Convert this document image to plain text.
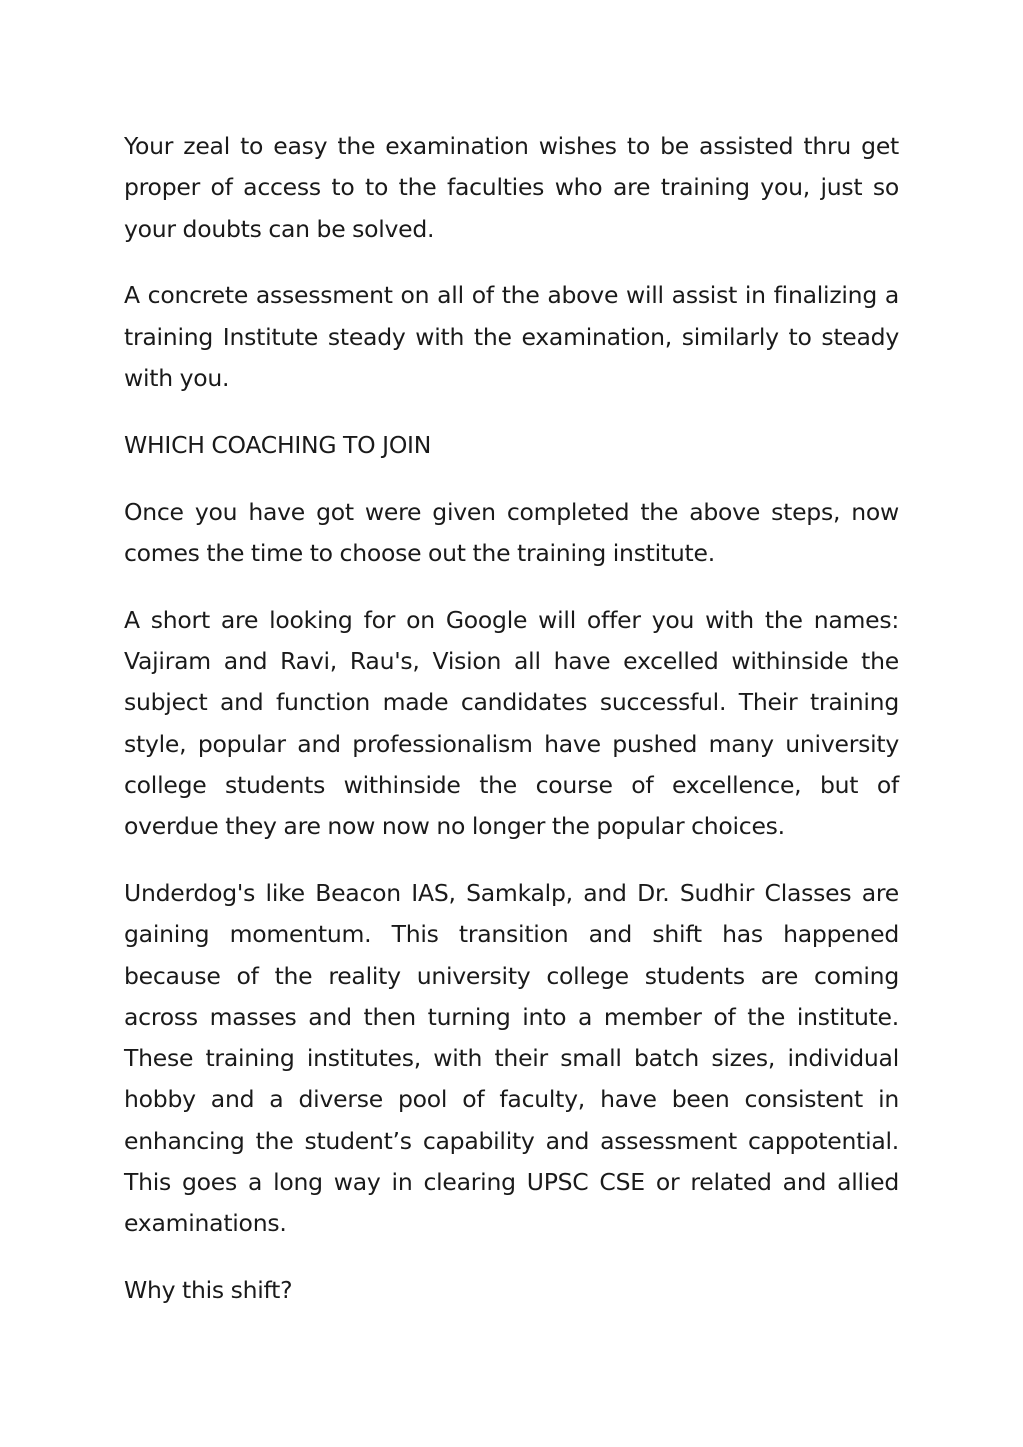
Your zeal to easy the examination wishes to be assisted thru get proper of access to to the faculties who are training you, just so your doubts can be solved.

A concrete assessment on all of the above will assist in finalizing a training Institute steady with the examination, similarly to steady with you.

WHICH COACHING TO JOIN

Once you have got were given completed the above steps, now comes the time to choose out the training institute.

A short are looking for on Google will offer you with the names: Vajiram and Ravi, Rau's, Vision all have excelled withinside the subject and function made candidates successful. Their training style, popular and professionalism have pushed many university college students withinside the course of excellence, but of overdue they are now now no longer the popular choices.

Underdog's like Beacon IAS, Samkalp, and Dr. Sudhir Classes are gaining momentum. This transition and shift has happened because of the reality university college students are coming across masses and then turning into a member of the institute. These training institutes, with their small batch sizes, individual hobby and a diverse pool of faculty, have been consistent in enhancing the student’s capability and assessment cappotential. This goes a long way in clearing UPSC CSE or related and allied examinations.

Why this shift?
